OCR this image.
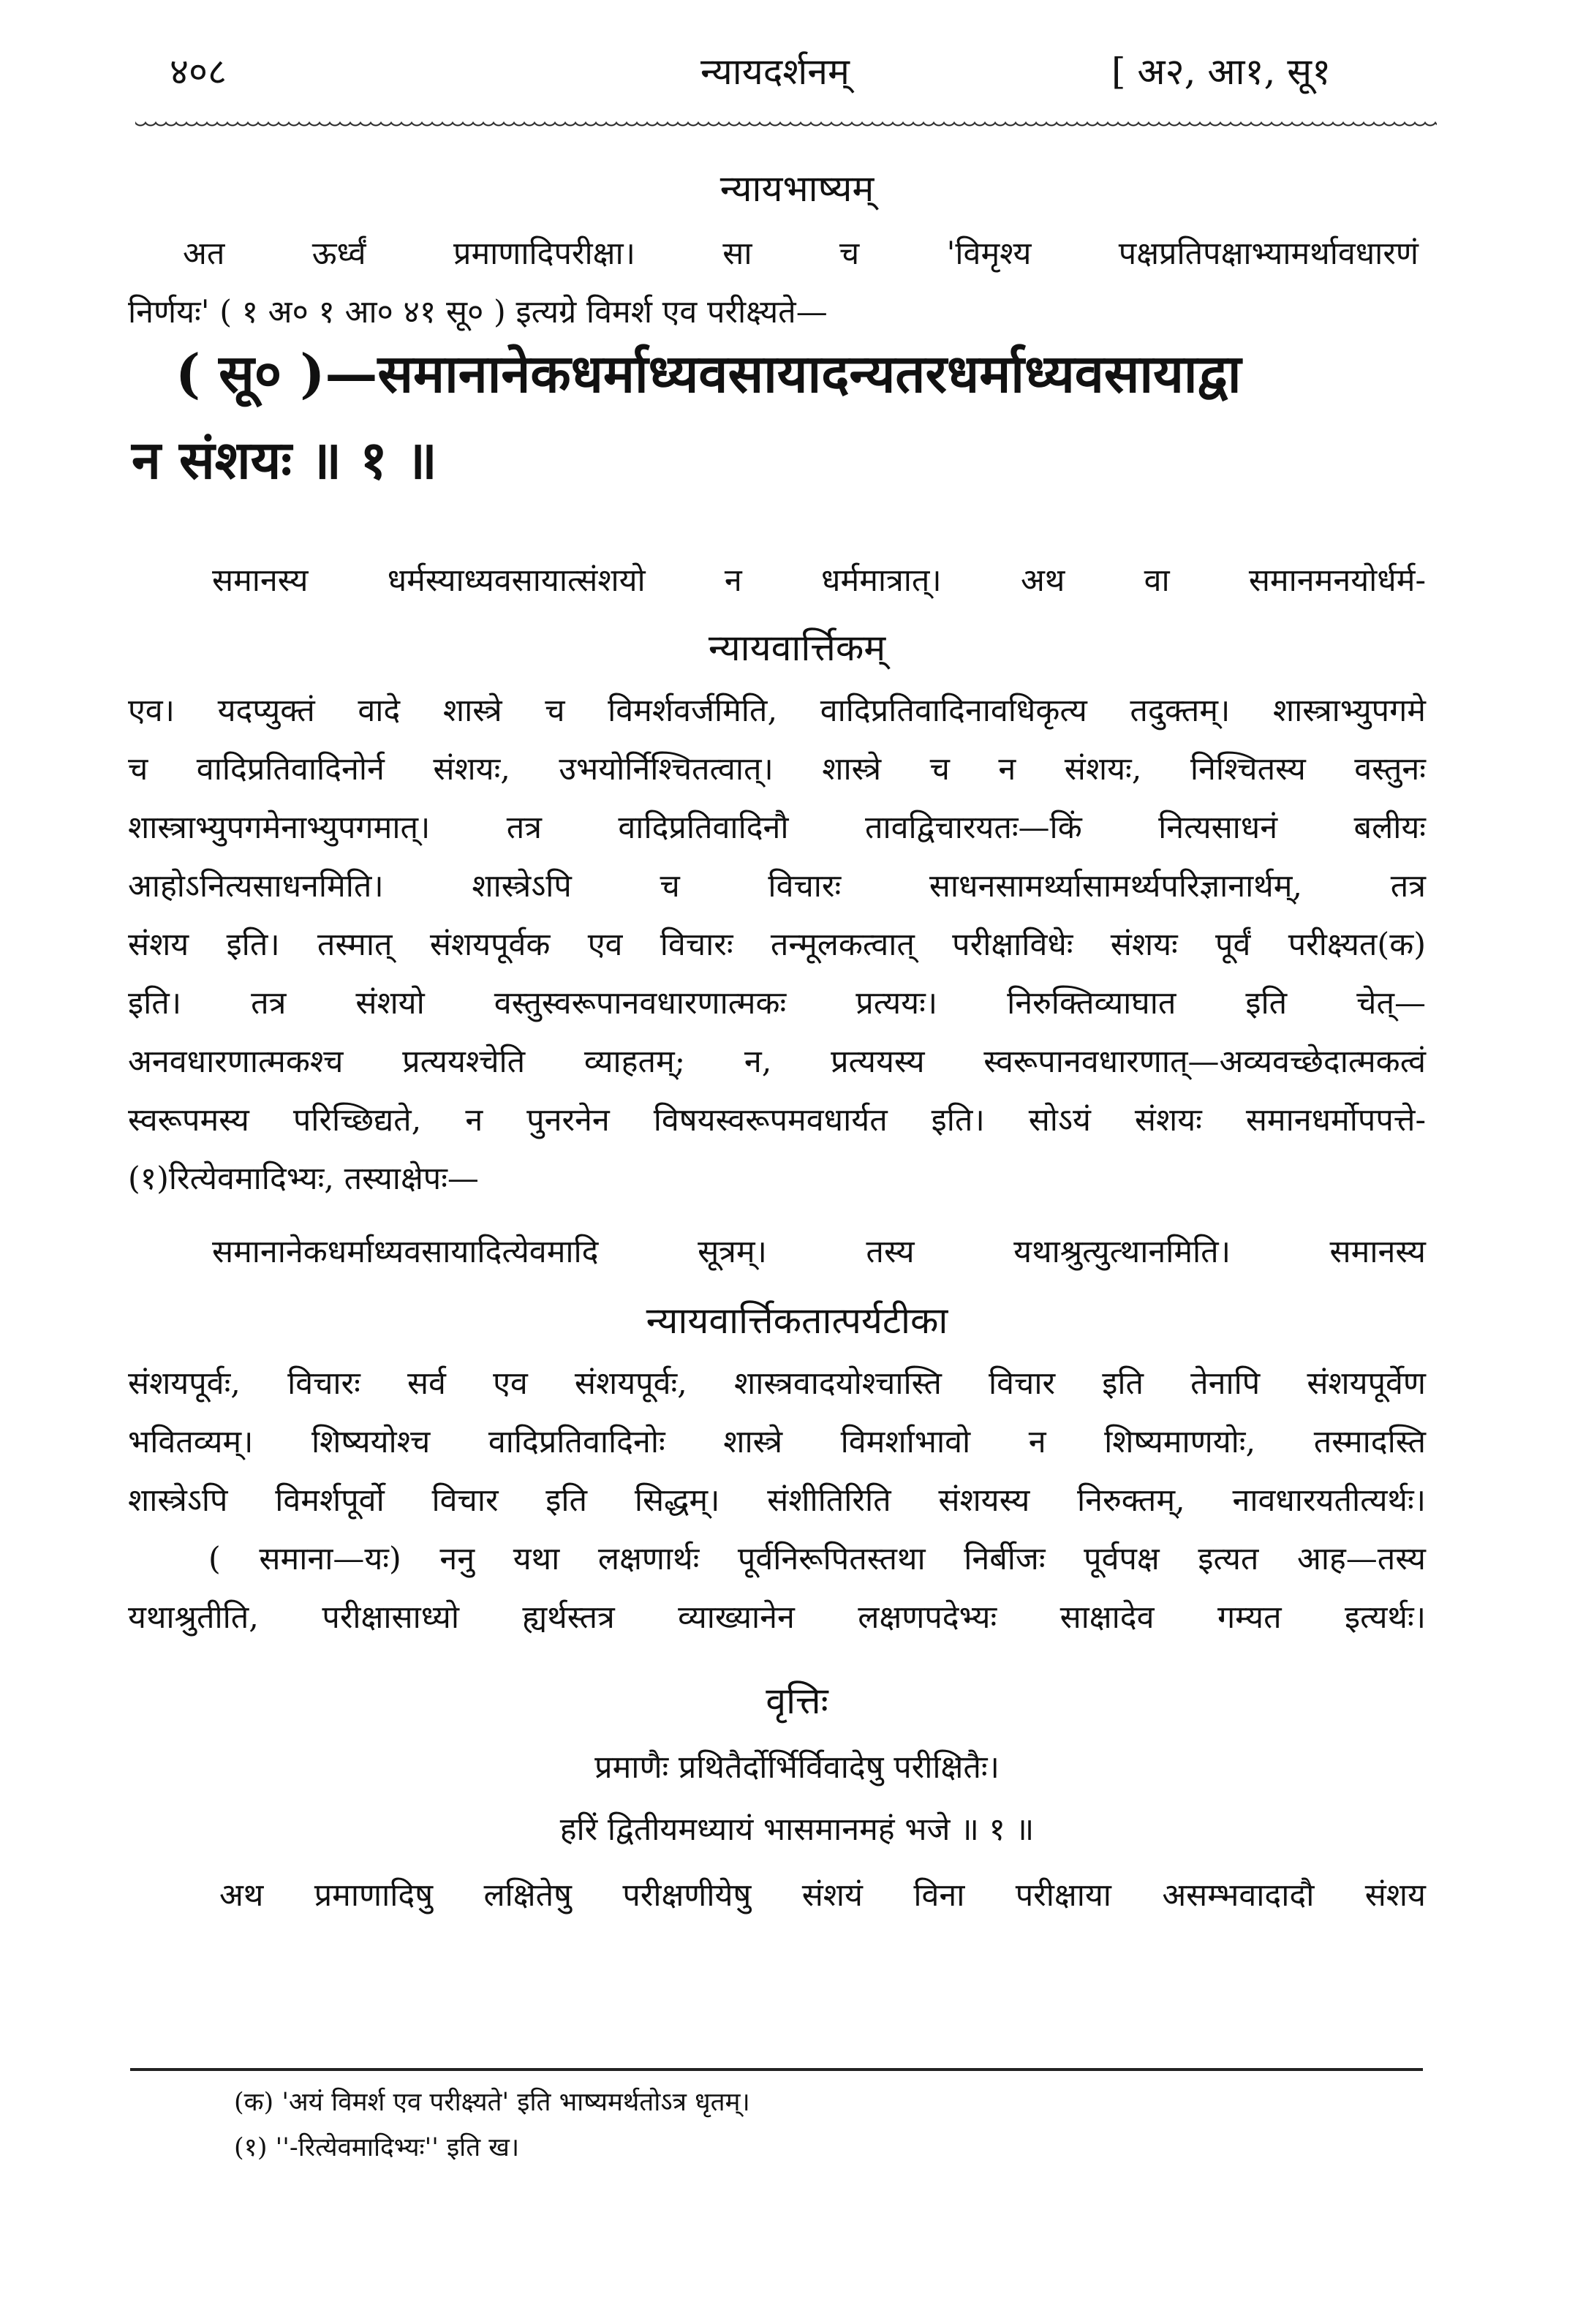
४०८	न्यायदर्शनम्	[ अ२, आ१, सू१
न्यायभाष्यम्
अत ऊर्ध्वं प्रमाणादिपरीक्षा। सा च 'विमृश्य पक्षप्रतिपक्षाभ्यामर्थावधारणं
निर्णयः' ( १ अ० १ आ० ४१ सू० ) इत्यग्रे विमर्श एव परीक्ष्यते—
( सू० )—समानानेकधर्माध्यवसायादन्यतरधर्माध्यवसायाद्वा
न संशयः ॥ १ ॥
समानस्य धर्मस्याध्यवसायात्संशयो न धर्ममात्रात्। अथ वा समानमनयोर्धर्म-
न्यायवार्त्तिकम्
एव। यदप्युक्तं वादे शास्त्रे च विमर्शवर्जमिति, वादिप्रतिवादिनावधिकृत्य तदुक्तम्। शास्त्राभ्युपगमे
च वादिप्रतिवादिनोर्न संशयः, उभयोर्निश्चितत्वात्। शास्त्रे च न संशयः, निश्चितस्य वस्तुनः
शास्त्राभ्युपगमेनाभ्युपगमात्। तत्र वादिप्रतिवादिनौ तावद्विचारयतः—किं नित्यसाधनं बलीयः
आहोऽनित्यसाधनमिति। शास्त्रेऽपि च विचारः साधनसामर्थ्यासामर्थ्यपरिज्ञानार्थम्, तत्र
संशय इति। तस्मात् संशयपूर्वक एव विचारः तन्मूलकत्वात् परीक्षाविधेः संशयः पूर्वं परीक्ष्यत(क)
इति। तत्र संशयो वस्तुस्वरूपानवधारणात्मकः प्रत्ययः। निरुक्तिव्याघात इति चेत्—
अनवधारणात्मकश्च प्रत्ययश्चेति व्याहतम्; न, प्रत्ययस्य स्वरूपानवधारणात्—अव्यवच्छेदात्मकत्वं
स्वरूपमस्य परिच्छिद्यते, न पुनरनेन विषयस्वरूपमवधार्यत इति। सोऽयं संशयः समानधर्मोपपत्ते-
(१)रित्येवमादिभ्यः, तस्याक्षेपः—
समानानेकधर्माध्यवसायादित्येवमादि सूत्रम्। तस्य यथाश्रुत्युत्थानमिति। समानस्य
न्यायवार्त्तिकतात्पर्यटीका
संशयपूर्वः, विचारः सर्व एव संशयपूर्वः, शास्त्रवादयोश्चास्ति विचार इति तेनापि संशयपूर्वेण
भवितव्यम्। शिष्ययोश्च वादिप्रतिवादिनोः शास्त्रे विमर्शाभावो न शिष्यमाणयोः, तस्मादस्ति
शास्त्रेऽपि विमर्शपूर्वो विचार इति सिद्धम्। संशीतिरिति संशयस्य निरुक्तम्, नावधारयतीत्यर्थः।
( समाना—यः) ननु यथा लक्षणार्थः पूर्वनिरूपितस्तथा निर्बीजः पूर्वपक्ष इत्यत आह—तस्य
यथाश्रुतीति, परीक्षासाध्यो ह्यर्थस्तत्र व्याख्यानेन लक्षणपदेभ्यः साक्षादेव गम्यत इत्यर्थः।
वृत्तिः
प्रमाणैः प्रथितैर्दोर्भिर्विवादेषु परीक्षितैः।
हरिं द्वितीयमध्यायं भासमानमहं भजे ॥ १ ॥
अथ प्रमाणादिषु लक्षितेषु परीक्षणीयेषु संशयं विना परीक्षाया असम्भवादादौ संशय
(क) 'अयं विमर्श एव परीक्ष्यते' इति भाष्यमर्थतोऽत्र धृतम्।
(१) ''-रित्येवमादिभ्यः'' इति ख।
